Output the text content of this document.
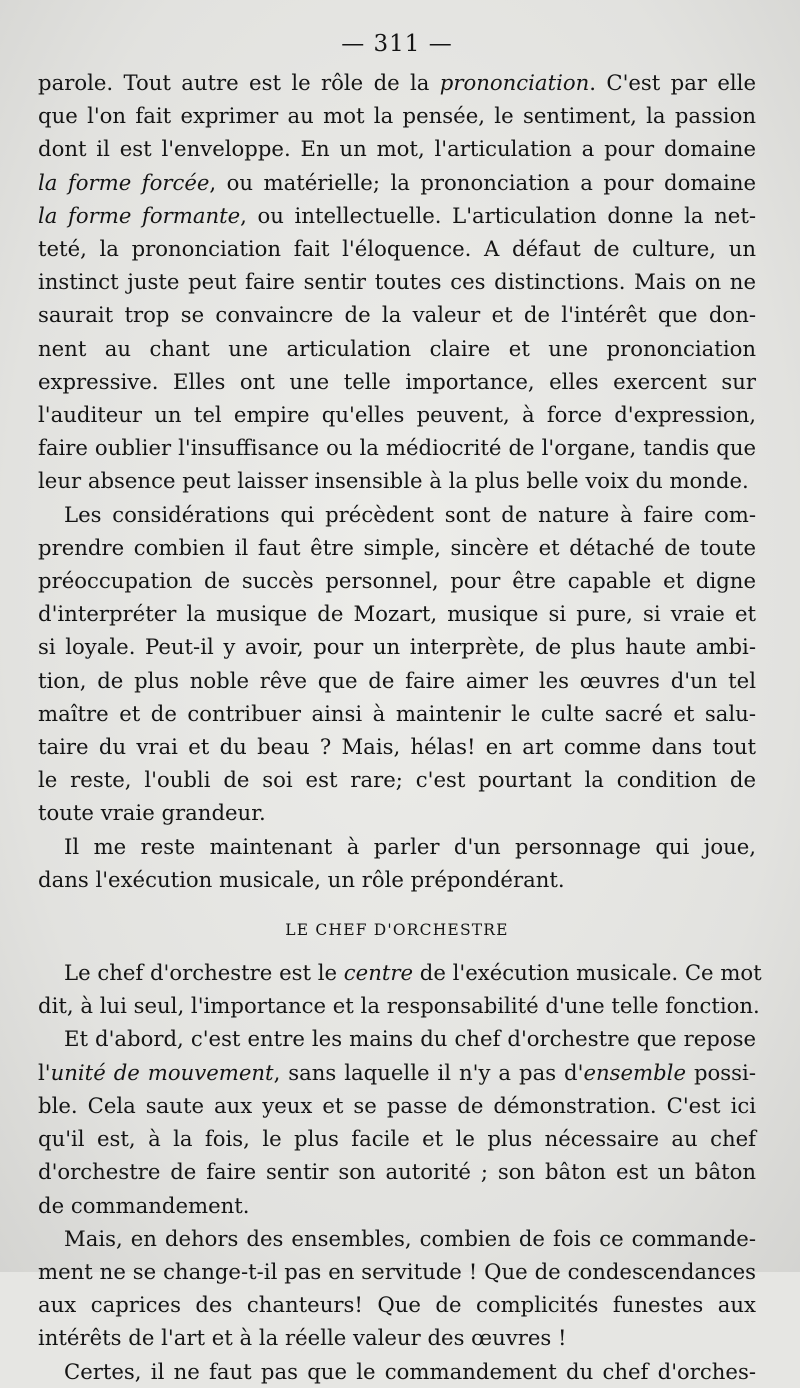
— 311 —
parole. Tout autre est le rôle de la prononciation. C'est par elle
que l'on fait exprimer au mot la pensée, le sentiment, la passion
dont il est l'enveloppe. En un mot, l'articulation a pour domaine
la forme forcée, ou matérielle; la prononciation a pour domaine
la forme formante, ou intellectuelle. L'articulation donne la net-
teté, la prononciation fait l'éloquence. A défaut de culture, un
instinct juste peut faire sentir toutes ces distinctions. Mais on ne
saurait trop se convaincre de la valeur et de l'intérêt que don-
nent au chant une articulation claire et une prononciation
expressive. Elles ont une telle importance, elles exercent sur
l'auditeur un tel empire qu'elles peuvent, à force d'expression,
faire oublier l'insuffisance ou la médiocrité de l'organe, tandis que
leur absence peut laisser insensible à la plus belle voix du monde.
Les considérations qui précèdent sont de nature à faire com-
prendre combien il faut être simple, sincère et détaché de toute
préoccupation de succès personnel, pour être capable et digne
d'interpréter la musique de Mozart, musique si pure, si vraie et
si loyale. Peut-il y avoir, pour un interprète, de plus haute ambi-
tion, de plus noble rêve que de faire aimer les œuvres d'un tel
maître et de contribuer ainsi à maintenir le culte sacré et salu-
taire du vrai et du beau ? Mais, hélas! en art comme dans tout
le reste, l'oubli de soi est rare; c'est pourtant la condition de
toute vraie grandeur.
Il me reste maintenant à parler d'un personnage qui joue,
dans l'exécution musicale, un rôle prépondérant.
LE CHEF D'ORCHESTRE
Le chef d'orchestre est le centre de l'exécution musicale. Ce mot
dit, à lui seul, l'importance et la responsabilité d'une telle fonction.
Et d'abord, c'est entre les mains du chef d'orchestre que repose
l'unité de mouvement, sans laquelle il n'y a pas d'ensemble possi-
ble. Cela saute aux yeux et se passe de démonstration. C'est ici
qu'il est, à la fois, le plus facile et le plus nécessaire au chef
d'orchestre de faire sentir son autorité ; son bâton est un bâton
de commandement.
Mais, en dehors des ensembles, combien de fois ce commande-
ment ne se change-t-il pas en servitude ! Que de condescendances
aux caprices des chanteurs! Que de complicités funestes aux
intérêts de l'art et à la réelle valeur des œuvres !
Certes, il ne faut pas que le commandement du chef d'orches-
